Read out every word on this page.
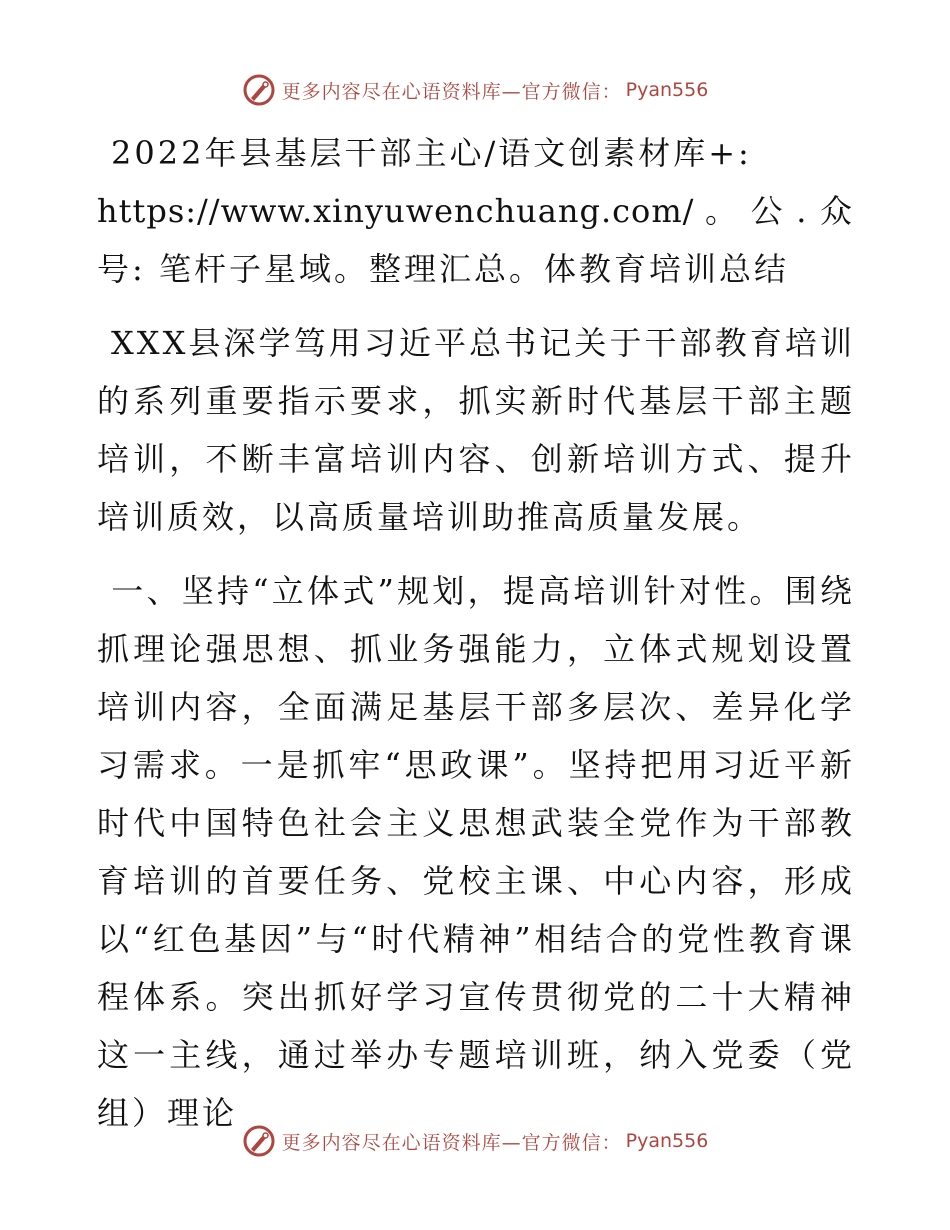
更多内容尽在心语资料库—官方微信： Pyan556

2022年县基层干部主心/语文创素材库+:
https://www.xinyuwenchuang.com/。公.众号: 笔杆子星域。整理汇总。体教育培训总结

XXX县深学笃用习近平总书记关于干部教育培训的系列重要指示要求，抓实新时代基层干部主题培训，不断丰富培训内容、创新培训方式、提升培训质效，以高质量培训助推高质量发展。

一、坚持“立体式”规划，提高培训针对性。围绕抓理论强思想、抓业务强能力，立体式规划设置培训内容，全面满足基层干部多层次、差异化学习需求。一是抓牢“思政课”。坚持把用习近平新时代中国特色社会主义思想武装全党作为干部教育培训的首要任务、党校主课、中心内容，形成以“红色基因”与“时代精神”相结合的党性教育课程体系。突出抓好学习宣传贯彻党的二十大精神这一主线，通过举办专题培训班，纳入党委（党组）理论

更多内容尽在心语资料库—官方微信： Pyan556
